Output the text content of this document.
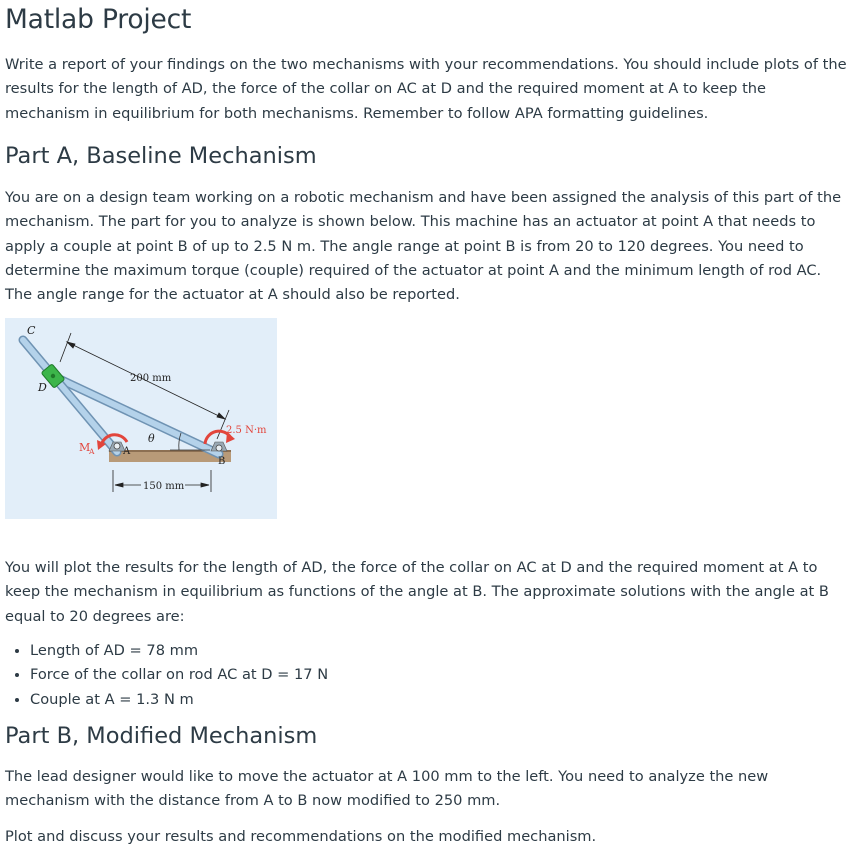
Matlab Project

Write a report of your findings on the two mechanisms with your recommendations. You should include plots of the results for the length of AD, the force of the collar on AC at D and the required moment at A to keep the mechanism in equilibrium for both mechanisms. Remember to follow APA formatting guidelines.

Part A, Baseline Mechanism

You are on a design team working on a robotic mechanism and have been assigned the analysis of this part of the mechanism. The part for you to analyze is shown below. This machine has an actuator at point A that needs to apply a couple at point B of up to 2.5 N m. The angle range at point B is from 20 to 120 degrees. You need to determine the maximum torque (couple) required of the actuator at point A and the minimum length of rod AC. The angle range for the actuator at A should also be reported.

C
D
200 mm
θ
2.5 N·m
M
A	A
B
150 mm

You will plot the results for the length of AD, the force of the collar on AC at D and the required moment at A to keep the mechanism in equilibrium as functions of the angle at B. The approximate solutions with the angle at B equal to 20 degrees are:

• Length of AD = 78 mm
• Force of the collar on rod AC at D = 17 N
• Couple at A = 1.3 N m
Part B, Modified Mechanism

The lead designer would like to move the actuator at A 100 mm to the left. You need to analyze the new mechanism with the distance from A to B now modified to 250 mm.

Plot and discuss your results and recommendations on the modified mechanism.
